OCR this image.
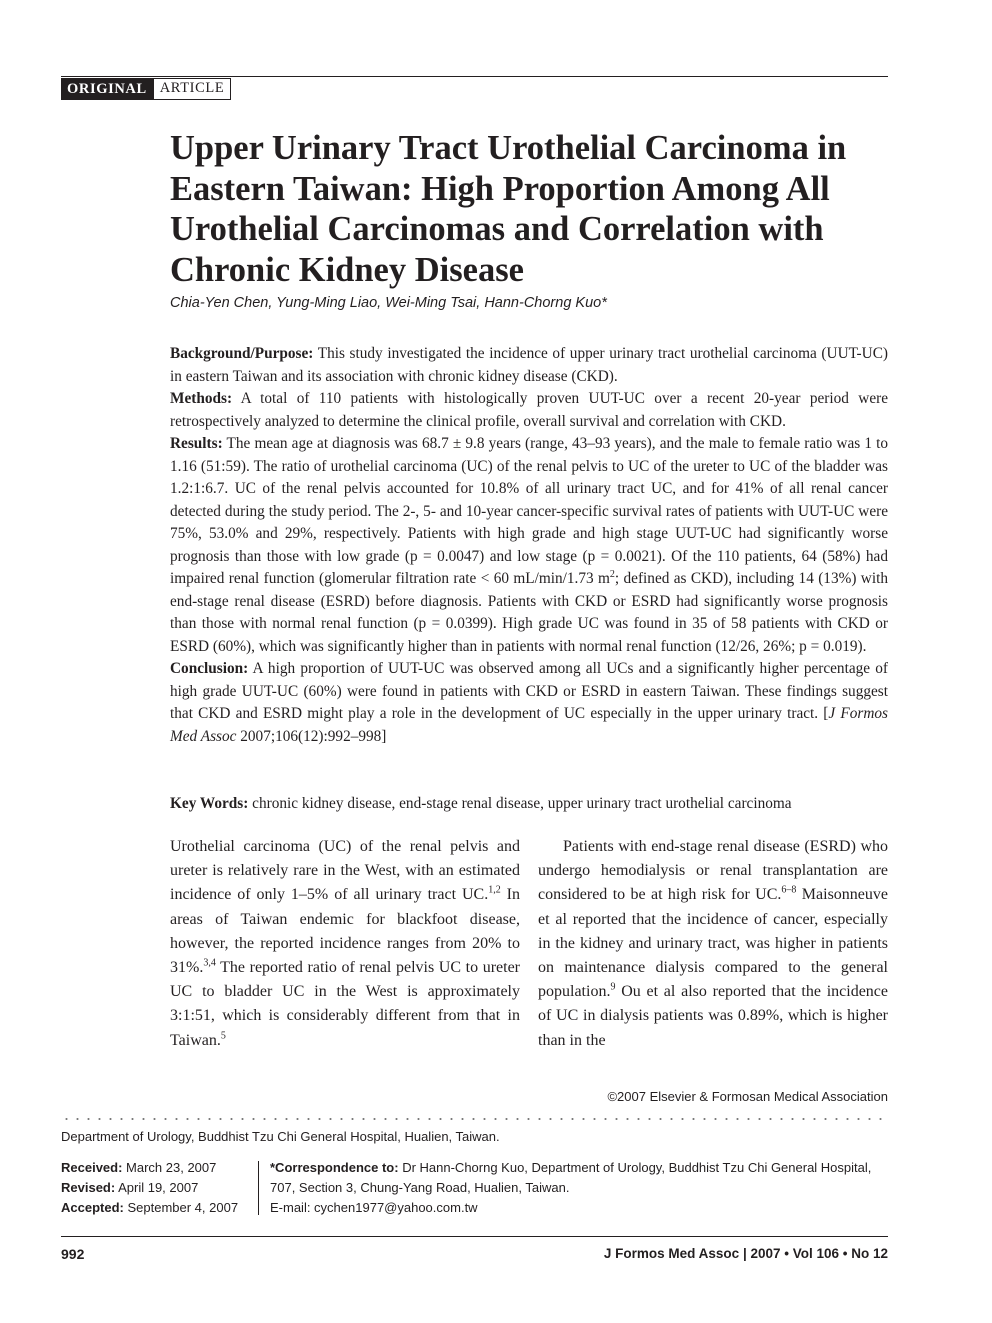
ORIGINAL ARTICLE
Upper Urinary Tract Urothelial Carcinoma in Eastern Taiwan: High Proportion Among All Urothelial Carcinomas and Correlation with Chronic Kidney Disease
Chia-Yen Chen, Yung-Ming Liao, Wei-Ming Tsai, Hann-Chorng Kuo*

Background/Purpose: This study investigated the incidence of upper urinary tract urothelial carcinoma (UUT-UC) in eastern Taiwan and its association with chronic kidney disease (CKD).

Methods: A total of 110 patients with histologically proven UUT-UC over a recent 20-year period were retrospectively analyzed to determine the clinical profile, overall survival and correlation with CKD.

Results: The mean age at diagnosis was 68.7 ± 9.8 years (range, 43–93 years), and the male to female ratio was 1 to 1.16 (51:59). The ratio of urothelial carcinoma (UC) of the renal pelvis to UC of the ureter to UC of the bladder was 1.2:1:6.7. UC of the renal pelvis accounted for 10.8% of all urinary tract UC, and for 41% of all renal cancer detected during the study period. The 2-, 5- and 10-year cancer-specific survival rates of patients with UUT-UC were 75%, 53.0% and 29%, respectively. Patients with high grade and high stage UUT-UC had significantly worse prognosis than those with low grade (p = 0.0047) and low stage (p = 0.0021). Of the 110 patients, 64 (58%) had impaired renal function (glomerular filtration rate < 60 mL/min/1.73 $m^2$; defined as CKD), including 14 (13%) with end-stage renal disease (ESRD) before diagnosis. Patients with CKD or ESRD had significantly worse prognosis than those with normal renal function (p = 0.0399). High grade UC was found in 35 of 58 patients with CKD or ESRD (60%), which was significantly higher than in patients with normal renal function (12/26, 26%; p = 0.019).

Conclusion: A high proportion of UUT-UC was observed among all UCs and a significantly higher percentage of high grade UUT-UC (60%) were found in patients with CKD or ESRD in eastern Taiwan. These findings suggest that CKD and ESRD might play a role in the development of UC especially in the upper urinary tract. [J Formos Med Assoc 2007;106(12):992–998]

Key Words: chronic kidney disease, end-stage renal disease, upper urinary tract urothelial carcinoma

Urothelial carcinoma (UC) of the renal pelvis and ureter is relatively rare in the West, with an estimated incidence of only 1–5% of all urinary tract UC.$^{1,2}$ In areas of Taiwan endemic for blackfoot disease, however, the reported incidence ranges from 20% to 31%.$^{3,4}$ The reported ratio of renal pelvis UC to ureter UC to bladder UC in the West is approximately 3:1:51, which is considerably different from that in Taiwan.$^5$

Patients with end-stage renal disease (ESRD) who undergo hemodialysis or renal transplantation are considered to be at high risk for UC.$^{6-8}$ Maisonneuve et al reported that the incidence of cancer, especially in the kidney and urinary tract, was higher in patients on maintenance dialysis compared to the general population.$^9$ Ou et al also reported that the incidence of UC in dialysis patients was 0.89%, which is higher than in the

©2007 Elsevier & Formosan Medical Association
Department of Urology, Buddhist Tzu Chi General Hospital, Hualien, Taiwan.
Received: March 23, 2007
Revised: April 19, 2007
Accepted: September 4, 2007
*Correspondence to: Dr Hann-Chorng Kuo, Department of Urology, Buddhist Tzu Chi General Hospital, 707, Section 3, Chung-Yang Road, Hualien, Taiwan.
E-mail: cychen1977@yahoo.com.tw
992	J Formos Med Assoc | 2007 • Vol 106 • No 12
